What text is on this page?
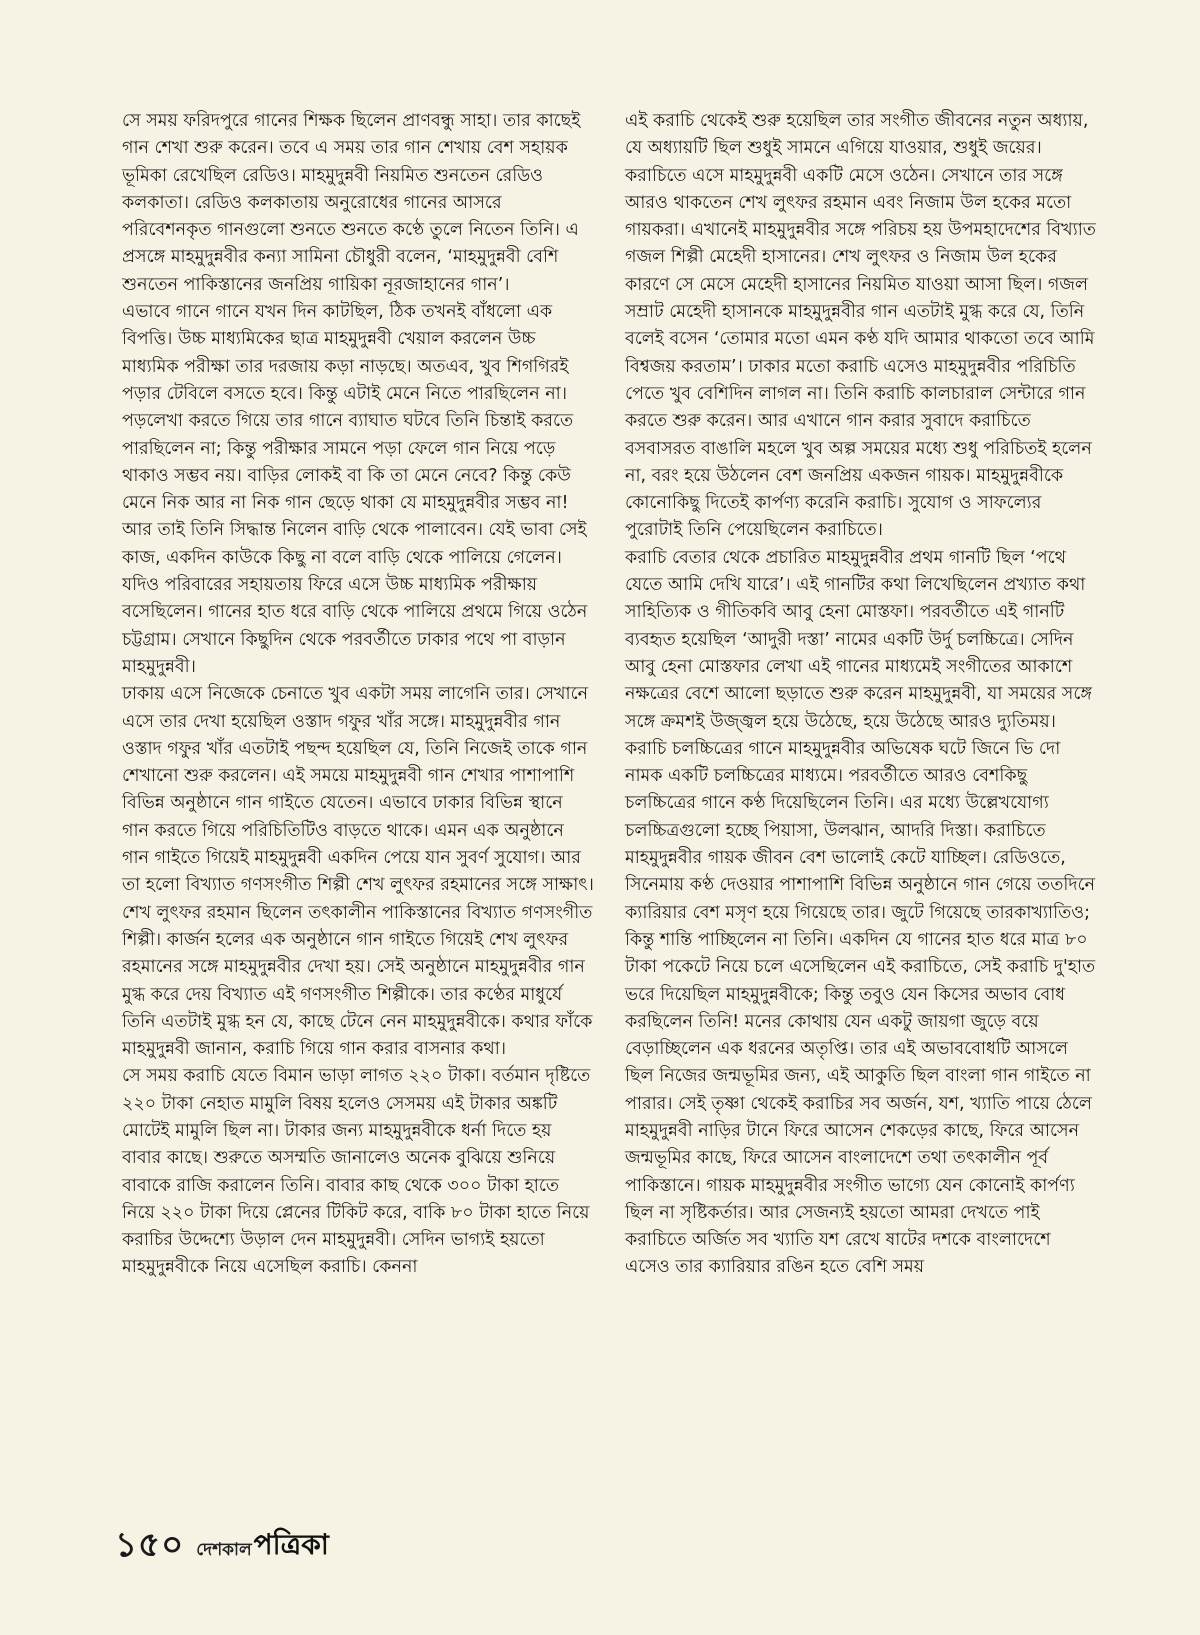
সে সময় ফরিদপুরে গানের শিক্ষক ছিলেন প্রাণবন্ধু সাহা। তার কাছেই গান শেখা শুরু করেন। তবে এ সময় তার গান শেখায় বেশ সহায়ক ভূমিকা রেখেছিল রেডিও। মাহমুদুন্নবী নিয়মিত শুনতেন রেডিও কলকাতা। রেডিও কলকাতায় অনুরোধের গানের আসরে পরিবেশনকৃত গানগুলো শুনতে শুনতে কণ্ঠে তুলে নিতেন তিনি। এ প্রসঙ্গে মাহমুদুন্নবীর কন্যা সামিনা চৌধুরী বলেন, ‘মাহমুদুন্নবী বেশি শুনতেন পাকিস্তানের জনপ্রিয় গায়িকা নূরজাহানের গান’।

এভাবে গানে গানে যখন দিন কাটছিল, ঠিক তখনই বাঁধলো এক বিপত্তি। উচ্চ মাধ্যমিকের ছাত্র মাহমুদুন্নবী খেয়াল করলেন উচ্চ মাধ্যমিক পরীক্ষা তার দরজায় কড়া নাড়ছে। অতএব, খুব শিগগিরই পড়ার টেবিলে বসতে হবে। কিন্তু এটাই মেনে নিতে পারছিলেন না। পড়লেখা করতে গিয়ে তার গানে ব্যাঘাত ঘটবে তিনি চিন্তাই করতে পারছিলেন না; কিন্তু পরীক্ষার সামনে পড়া ফেলে গান নিয়ে পড়ে থাকাও সম্ভব নয়। বাড়ির লোকই বা কি তা মেনে নেবে? কিন্তু কেউ মেনে নিক আর না নিক গান ছেড়ে থাকা যে মাহমুদুন্নবীর সম্ভব না! আর তাই তিনি সিদ্ধান্ত নিলেন বাড়ি থেকে পালাবেন। যেই ভাবা সেই কাজ, একদিন কাউকে কিছু না বলে বাড়ি থেকে পালিয়ে গেলেন। যদিও পরিবারের সহায়তায় ফিরে এসে উচ্চ মাধ্যমিক পরীক্ষায় বসেছিলেন। গানের হাত ধরে বাড়ি থেকে পালিয়ে প্রথমে গিয়ে ওঠেন চট্টগ্রাম। সেখানে কিছুদিন থেকে পরবর্তীতে ঢাকার পথে পা বাড়ান মাহমুদুন্নবী।

ঢাকায় এসে নিজেকে চেনাতে খুব একটা সময় লাগেনি তার। সেখানে এসে তার দেখা হয়েছিল ওস্তাদ গফুর খাঁর সঙ্গে। মাহমুদুন্নবীর গান ওস্তাদ গফুর খাঁর এতটাই পছন্দ হয়েছিল যে, তিনি নিজেই তাকে গান শেখানো শুরু করলেন। এই সময়ে মাহমুদুন্নবী গান শেখার পাশাপাশি বিভিন্ন অনুষ্ঠানে গান গাইতে যেতেন। এভাবে ঢাকার বিভিন্ন স্থানে গান করতে গিয়ে পরিচিতিটিও বাড়তে থাকে। এমন এক অনুষ্ঠানে গান গাইতে গিয়েই মাহমুদুন্নবী একদিন পেয়ে যান সুবর্ণ সুযোগ। আর তা হলো বিখ্যাত গণসংগীত শিল্পী শেখ লুৎফর রহমানের সঙ্গে সাক্ষাৎ। শেখ লুৎফর রহমান ছিলেন তৎকালীন পাকিস্তানের বিখ্যাত গণসংগীত শিল্পী। কার্জন হলের এক অনুষ্ঠানে গান গাইতে গিয়েই শেখ লুৎফর রহমানের সঙ্গে মাহমুদুন্নবীর দেখা হয়। সেই অনুষ্ঠানে মাহমুদুন্নবীর গান মুগ্ধ করে দেয় বিখ্যাত এই গণসংগীত শিল্পীকে। তার কণ্ঠের মাধুর্যে তিনি এতটাই মুগ্ধ হন যে, কাছে টেনে নেন মাহমুদুন্নবীকে। কথার ফাঁকে মাহমুদুন্নবী জানান, করাচি গিয়ে গান করার বাসনার কথা।

সে সময় করাচি যেতে বিমান ভাড়া লাগত ২২০ টাকা। বর্তমান দৃষ্টিতে ২২০ টাকা নেহাত মামুলি বিষয় হলেও সেসময় এই টাকার অঙ্কটি মোটেই মামুলি ছিল না। টাকার জন্য মাহমুদুন্নবীকে ধর্না দিতে হয় বাবার কাছে। শুরুতে অসম্মতি জানালেও অনেক বুঝিয়ে শুনিয়ে বাবাকে রাজি করালেন তিনি। বাবার কাছ থেকে ৩০০ টাকা হাতে নিয়ে ২২০ টাকা দিয়ে প্লেনের টিকিট করে, বাকি ৮০ টাকা হাতে নিয়ে করাচির উদ্দেশ্যে উড়াল দেন মাহমুদুন্নবী। সেদিন ভাগ্যই হয়তো মাহমুদুন্নবীকে নিয়ে এসেছিল করাচি। কেননা

এই করাচি থেকেই শুরু হয়েছিল তার সংগীত জীবনের নতুন অধ্যায়, যে অধ্যায়টি ছিল শুধুই সামনে এগিয়ে যাওয়ার, শুধুই জয়ের।

করাচিতে এসে মাহমুদুন্নবী একটি মেসে ওঠেন। সেখানে তার সঙ্গে আরও থাকতেন শেখ লুৎফর রহমান এবং নিজাম উল হকের মতো গায়করা। এখানেই মাহমুদুন্নবীর সঙ্গে পরিচয় হয় উপমহাদেশের বিখ্যাত গজল শিল্পী মেহেদী হাসানের। শেখ লুৎফর ও নিজাম উল হকের কারণে সে মেসে মেহেদী হাসানের নিয়মিত যাওয়া আসা ছিল। গজল সম্রাট মেহেদী হাসানকে মাহমুদুন্নবীর গান এতটাই মুগ্ধ করে যে, তিনি বলেই বসেন ‘তোমার মতো এমন কণ্ঠ যদি আমার থাকতো তবে আমি বিশ্বজয় করতাম’। ঢাকার মতো করাচি এসেও মাহমুদুন্নবীর পরিচিতি পেতে খুব বেশিদিন লাগল না। তিনি করাচি কালচারাল সেন্টারে গান করতে শুরু করেন। আর এখানে গান করার সুবাদে করাচিতে বসবাসরত বাঙালি মহলে খুব অল্প সময়ের মধ্যে শুধু পরিচিতই হলেন না, বরং হয়ে উঠলেন বেশ জনপ্রিয় একজন গায়ক। মাহমুদুন্নবীকে কোনোকিছু দিতেই কার্পণ্য করেনি করাচি। সুযোগ ও সাফল্যের পুরোটাই তিনি পেয়েছিলেন করাচিতে।

করাচি বেতার থেকে প্রচারিত মাহমুদুন্নবীর প্রথম গানটি ছিল ‘পথে যেতে আমি দেখি যারে’। এই গানটির কথা লিখেছিলেন প্রখ্যাত কথা সাহিত্যিক ও গীতিকবি আবু হেনা মোস্তফা। পরবর্তীতে এই গানটি ব্যবহৃত হয়েছিল ‘আদুরী দস্তা’ নামের একটি উর্দু চলচ্চিত্রে। সেদিন আবু হেনা মোস্তফার লেখা এই গানের মাধ্যমেই সংগীতের আকাশে নক্ষত্রের বেশে আলো ছড়াতে শুরু করেন মাহমুদুন্নবী, যা সময়ের সঙ্গে সঙ্গে ক্রমশই উজ্জ্বল হয়ে উঠেছে, হয়ে উঠেছে আরও দ্যুতিময়। করাচি চলচ্চিত্রের গানে মাহমুদুন্নবীর অভিষেক ঘটে জিনে ভি দো নামক একটি চলচ্চিত্রের মাধ্যমে। পরবর্তীতে আরও বেশকিছু চলচ্চিত্রের গানে কণ্ঠ দিয়েছিলেন তিনি। এর মধ্যে উল্লেখযোগ্য চলচ্চিত্রগুলো হচ্ছে পিয়াসা, উলঝান, আদরি দিস্তা। করাচিতে মাহমুদুন্নবীর গায়ক জীবন বেশ ভালোই কেটে যাচ্ছিল। রেডিওতে, সিনেমায় কণ্ঠ দেওয়ার পাশাপাশি বিভিন্ন অনুষ্ঠানে গান গেয়ে ততদিনে ক্যারিয়ার বেশ মসৃণ হয়ে গিয়েছে তার। জুটে গিয়েছে তারকাখ্যাতিও; কিন্তু শান্তি পাচ্ছিলেন না তিনি। একদিন যে গানের হাত ধরে মাত্র ৮০ টাকা পকেটে নিয়ে চলে এসেছিলেন এই করাচিতে, সেই করাচি দু'হাত ভরে দিয়েছিল মাহমুদুন্নবীকে; কিন্তু তবুও যেন কিসের অভাব বোধ করছিলেন তিনি! মনের কোথায় যেন একটু জায়গা জুড়ে বয়ে বেড়াচ্ছিলেন এক ধরনের অতৃপ্তি। তার এই অভাববোধটি আসলে ছিল নিজের জন্মভূমির জন্য, এই আকুতি ছিল বাংলা গান গাইতে না পারার। সেই তৃষ্ণা থেকেই করাচির সব অর্জন, যশ, খ্যাতি পায়ে ঠেলে মাহমুদুন্নবী নাড়ির টানে ফিরে আসেন শেকড়ের কাছে, ফিরে আসেন জন্মভূমির কাছে, ফিরে আসেন বাংলাদেশে তথা তৎকালীন পূর্ব পাকিস্তানে। গায়ক মাহমুদুন্নবীর সংগীত ভাগ্যে যেন কোনোই কার্পণ্য ছিল না সৃষ্টিকর্তার। আর সেজন্যই হয়তো আমরা দেখতে পাই করাচিতে অর্জিত সব খ্যাতি যশ রেখে ষাটের দশকে বাংলাদেশে এসেও তার ক্যারিয়ার রঙিন হতে বেশি সময়

১৫০ দেশকাল পত্রিকা
